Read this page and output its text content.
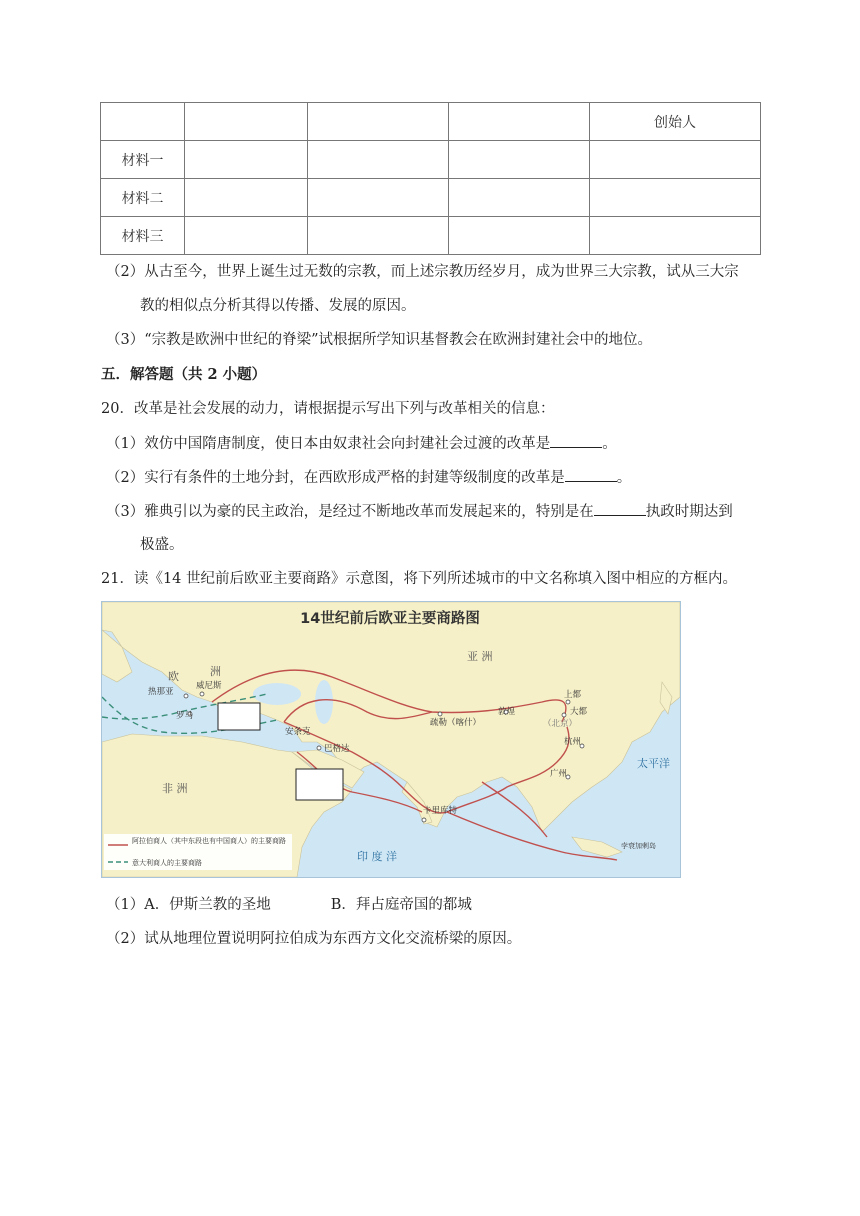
				创始人
材料一				
材料二				
材料三				
（2）从古至今，世界上诞生过无数的宗教，而上述宗教历经岁月，成为世界三大宗教，试从三大宗
教的相似点分析其得以传播、发展的原因。
（3）“宗教是欧洲中世纪的脊梁”试根据所学知识基督教会在欧洲封建社会中的地位。
五．解答题（共 2 小题）
20．改革是社会发展的动力，请根据提示写出下列与改革相关的信息：
（1）效仿中国隋唐制度，使日本由奴隶社会向封建社会过渡的改革是	。
（2）实行有条件的土地分封，在西欧形成严格的封建等级制度的改革是	。
（3）雅典引以为豪的民主政治，是经过不断地改革而发展起来的，特别是在	执政时期达到
极盛。
21．读《14 世纪前后欧亚主要商路》示意图，将下列所述城市的中文名称填入图中相应的方框内。
14世纪前后欧亚主要商路图
亚 洲
欧	洲
非 洲
印 度 洋
太平洋
热那亚
威尼斯
罗马
安条克
巴格达
疏勒（喀什）
敦煌
上都
大都
（北京）
杭州
广州
卡里库特
孛衰加剌岛
阿拉伯商人（其中东段也有中国商人）的主要商路
意大利商人的主要商路
（1）A．伊斯兰教的圣地	B．拜占庭帝国的都城
（2）试从地理位置说明阿拉伯成为东西方文化交流桥梁的原因。
